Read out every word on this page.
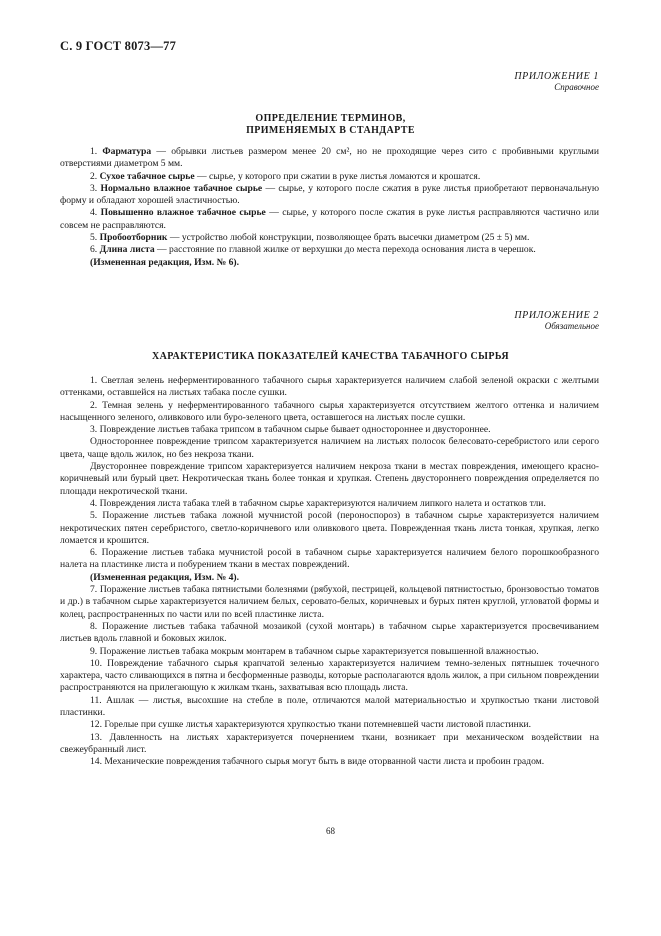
С. 9 ГОСТ 8073—77
ПРИЛОЖЕНИЕ 1
Справочное
ОПРЕДЕЛЕНИЕ ТЕРМИНОВ,
ПРИМЕНЯЕМЫХ В СТАНДАРТЕ

1. Фарматура — обрывки листьев размером менее 20 см², но не проходящие через сито с пробивными круглыми отверстиями диаметром 5 мм.

2. Сухое табачное сырье — сырье, у которого при сжатии в руке листья ломаются и крошатся.

3. Нормально влажное табачное сырье — сырье, у которого после сжатия в руке листья приобретают первоначальную форму и обладают хорошей эластичностью.

4. Повышенно влажное табачное сырье — сырье, у которого после сжатия в руке листья расправляются частично или совсем не расправляются.

5. Пробоотборник — устройство любой конструкции, позволяющее брать высечки диаметром (25 ± 5) мм.

6. Длина листа — расстояние по главной жилке от верхушки до места перехода основания листа в черешок.

(Измененная редакция, Изм. № 6).

ПРИЛОЖЕНИЕ 2
Обязательное
ХАРАКТЕРИСТИКА ПОКАЗАТЕЛЕЙ КАЧЕСТВА ТАБАЧНОГО СЫРЬЯ

1. Светлая зелень неферментированного табачного сырья характеризуется наличием слабой зеленой окраски с желтыми оттенками, оставшейся на листьях табака после сушки.

2. Темная зелень у неферментированного табачного сырья характеризуется отсутствием желтого оттенка и наличием насыщенного зеленого, оливкового или буро-зеленого цвета, оставшегося на листьях после сушки.

3. Повреждение листьев табака трипсом в табачном сырье бывает одностороннее и двустороннее.

Одностороннее повреждение трипсом характеризуется наличием на листьях полосок белесовато-серебристого или серого цвета, чаще вдоль жилок, но без некроза ткани.

Двустороннее повреждение трипсом характеризуется наличием некроза ткани в местах повреждения, имеющего красно-коричневый или бурый цвет. Некротическая ткань более тонкая и хрупкая. Степень двустороннего повреждения определяется по площади некротической ткани.

4. Повреждения листа табака тлей в табачном сырье характеризуются наличием липкого налета и остатков тли.

5. Поражение листьев табака ложной мучнистой росой (пероноспороз) в табачном сырье характеризуется наличием некротических пятен серебристого, светло-коричневого или оливкового цвета. Поврежденная ткань листа тонкая, хрупкая, легко ломается и крошится.

6. Поражение листьев табака мучнистой росой в табачном сырье характеризуется наличием белого порошкообразного налета на пластинке листа и побурением ткани в местах повреждений.

(Измененная редакция, Изм. № 4).

7. Поражение листьев табака пятнистыми болезнями (рябухой, пестрицей, кольцевой пятнистостью, бронзовостью томатов и др.) в табачном сырье характеризуется наличием белых, серовато-белых, коричневых и бурых пятен круглой, угловатой формы и колец, распространенных по части или по всей пластинке листа.

8. Поражение листьев табака табачной мозаикой (сухой монтарь) в табачном сырье характеризуется просвечиванием листьев вдоль главной и боковых жилок.

9. Поражение листьев табака мокрым монтарем в табачном сырье характеризуется повышенной влажностью.

10. Повреждение табачного сырья крапчатой зеленью характеризуется наличием темно-зеленых пятнышек точечного характера, часто сливающихся в пятна и бесформенные разводы, которые располагаются вдоль жилок, а при сильном повреждении распространяются на прилегающую к жилкам ткань, захватывая всю площадь листа.

11. Ашлак — листья, высохшие на стебле в поле, отличаются малой материальностью и хрупкостью ткани листовой пластинки.

12. Горелые при сушке листья характеризуются хрупкостью ткани потемневшей части листовой пластинки.

13. Давленность на листьях характеризуется почернением ткани, возникает при механическом воздействии на свежеубранный лист.

14. Механические повреждения табачного сырья могут быть в виде оторванной части листа и пробоин градом.

68
